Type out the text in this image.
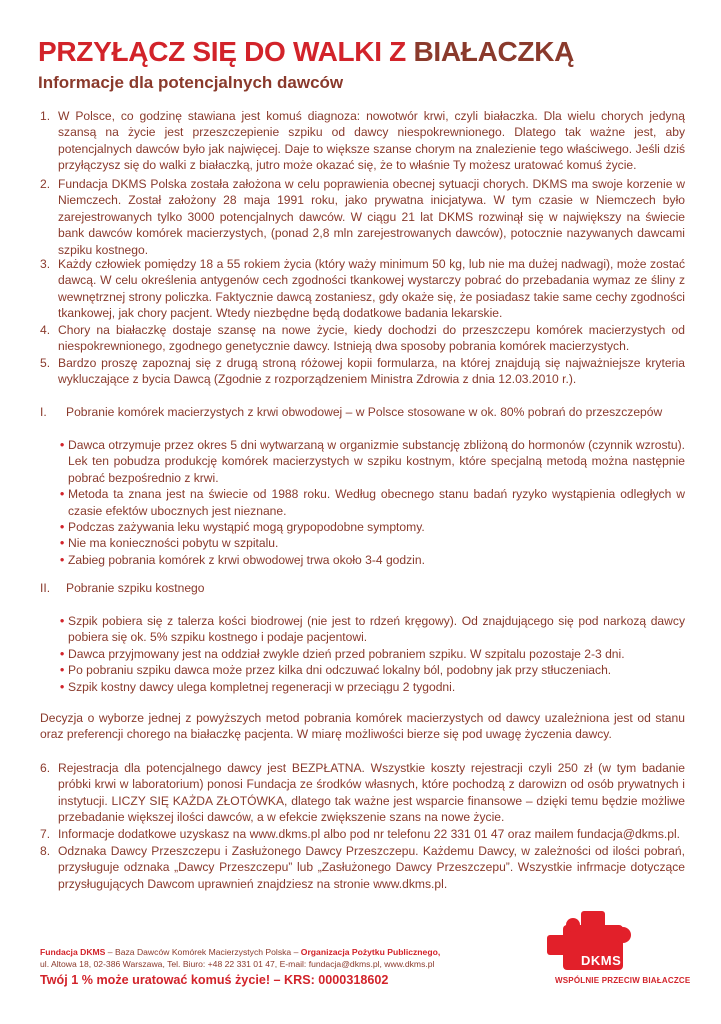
PRZYŁĄCZ SIĘ DO WALKI Z BIAŁACZKĄ
Informacje dla potencjalnych dawców
1. W Polsce, co godzinę stawiana jest komuś diagnoza: nowotwór krwi, czyli białaczka. Dla wielu chorych jedyną szansą na życie jest przeszczepienie szpiku od dawcy niespokrewnionego. Dlatego tak ważne jest, aby potencjalnych dawców było jak najwięcej. Daje to większe szanse chorym na znalezienie tego właściwego. Jeśli dziś przyłączysz się do walki z białaczką, jutro może okazać się, że to właśnie Ty możesz uratować komuś życie.
2. Fundacja DKMS Polska została założona w celu poprawienia obecnej sytuacji chorych. DKMS ma swoje korzenie w Niemczech. Został założony 28 maja 1991 roku, jako prywatna inicjatywa. W tym czasie w Niemczech było zarejestrowanych tylko 3000 potencjalnych dawców. W ciągu 21 lat DKMS rozwinął się w największy na świecie bank dawców komórek macierzystych, (ponad 2,8 mln zarejestrowanych dawców), potocznie nazywanych dawcami szpiku kostnego.
3. Każdy człowiek pomiędzy 18 a 55 rokiem życia (który waży minimum 50 kg, lub nie ma dużej nadwagi), może zostać dawcą. W celu określenia antygenów cech zgodności tkankowej wystarczy pobrać do przebadania wymaz ze śliny z wewnętrznej strony policzka. Faktycznie dawcą zostaniesz, gdy okaże się, że posiadasz takie same cechy zgodności tkankowej, jak chory pacjent. Wtedy niezbędne będą dodatkowe badania lekarskie.
4. Chory na białaczkę dostaje szansę na nowe życie, kiedy dochodzi do przeszczepu komórek macierzystych od niespokrewnionego, zgodnego genetycznie dawcy. Istnieją dwa sposoby pobrania komórek macierzystych.
5. Bardzo proszę zapoznaj się z drugą stroną różowej kopii formularza, na której znajdują się najważniejsze kryteria wykluczające z bycia Dawcą (Zgodnie z rozporządzeniem Ministra Zdrowia z dnia 12.03.2010 r.).
I.	Pobranie komórek macierzystych z krwi obwodowej – w Polsce stosowane w ok. 80% pobrań do przeszczepów
• Dawca otrzymuje przez okres 5 dni wytwarzaną w organizmie substancję zbliżoną do hormonów (czynnik wzrostu). Lek ten pobudza produkcję komórek macierzystych w szpiku kostnym, które specjalną metodą można następnie pobrać bezpośrednio z krwi.
• Metoda ta znana jest na świecie od 1988 roku. Według obecnego stanu badań ryzyko wystąpienia odległych w czasie efektów ubocznych jest nieznane.
• Podczas zażywania leku wystąpić mogą grypopodobne symptomy.
• Nie ma konieczności pobytu w szpitalu.
• Zabieg pobrania komórek z krwi obwodowej trwa około 3-4 godzin.
II.	Pobranie szpiku kostnego
• Szpik pobiera się z talerza kości biodrowej (nie jest to rdzeń kręgowy). Od znajdującego się pod narkozą dawcy pobiera się ok. 5% szpiku kostnego i podaje pacjentowi.
• Dawca przyjmowany jest na oddział zwykle dzień przed pobraniem szpiku. W szpitalu pozostaje 2-3 dni.
• Po pobraniu szpiku dawca może przez kilka dni odczuwać lokalny ból, podobny jak przy stłuczeniach.
• Szpik kostny dawcy ulega kompletnej regeneracji w przeciągu 2 tygodni.
Decyzja o wyborze jednej z powyższych metod pobrania komórek macierzystych od dawcy uzależniona jest od stanu oraz preferencji chorego na białaczkę pacjenta. W miarę możliwości bierze się pod uwagę życzenia dawcy.
6. Rejestracja dla potencjalnego dawcy jest BEZPŁATNA. Wszystkie koszty rejestracji czyli 250 zł (w tym badanie próbki krwi w laboratorium) ponosi Fundacja ze środków własnych, które pochodzą z darowizn od osób prywatnych i instytucji. LICZY SIĘ KAŻDA ZŁOTÓWKA, dlatego tak ważne jest wsparcie finansowe – dzięki temu będzie możliwe przebadanie większej ilości dawców, a w efekcie zwiększenie szans na nowe życie.
7. Informacje dodatkowe uzyskasz na www.dkms.pl albo pod nr telefonu 22 331 01 47 oraz mailem fundacja@dkms.pl.
8. Odznaka Dawcy Przeszczepu i Zasłużonego Dawcy Przeszczepu. Każdemu Dawcy, w zależności od ilości pobrań, przysługuje odznaka „Dawcy Przeszczepu” lub „Zasłużonego Dawcy Przeszczepu”. Wszystkie infrmacje dotyczące przysługujących Dawcom uprawnień znajdziesz na stronie www.dkms.pl.
Fundacja DKMS – Baza Dawców Komórek Macierzystych Polska – Organizacja Pożytku Publicznego,
ul. Altowa 18, 02-386 Warszawa, Tel. Biuro: +48 22 331 01 47, E-mail: fundacja@dkms.pl, www.dkms.pl
Twój 1 % może uratować komuś życie! – KRS: 0000318602
DKMS
WSPÓLNIE PRZECIW BIAŁACZCE
